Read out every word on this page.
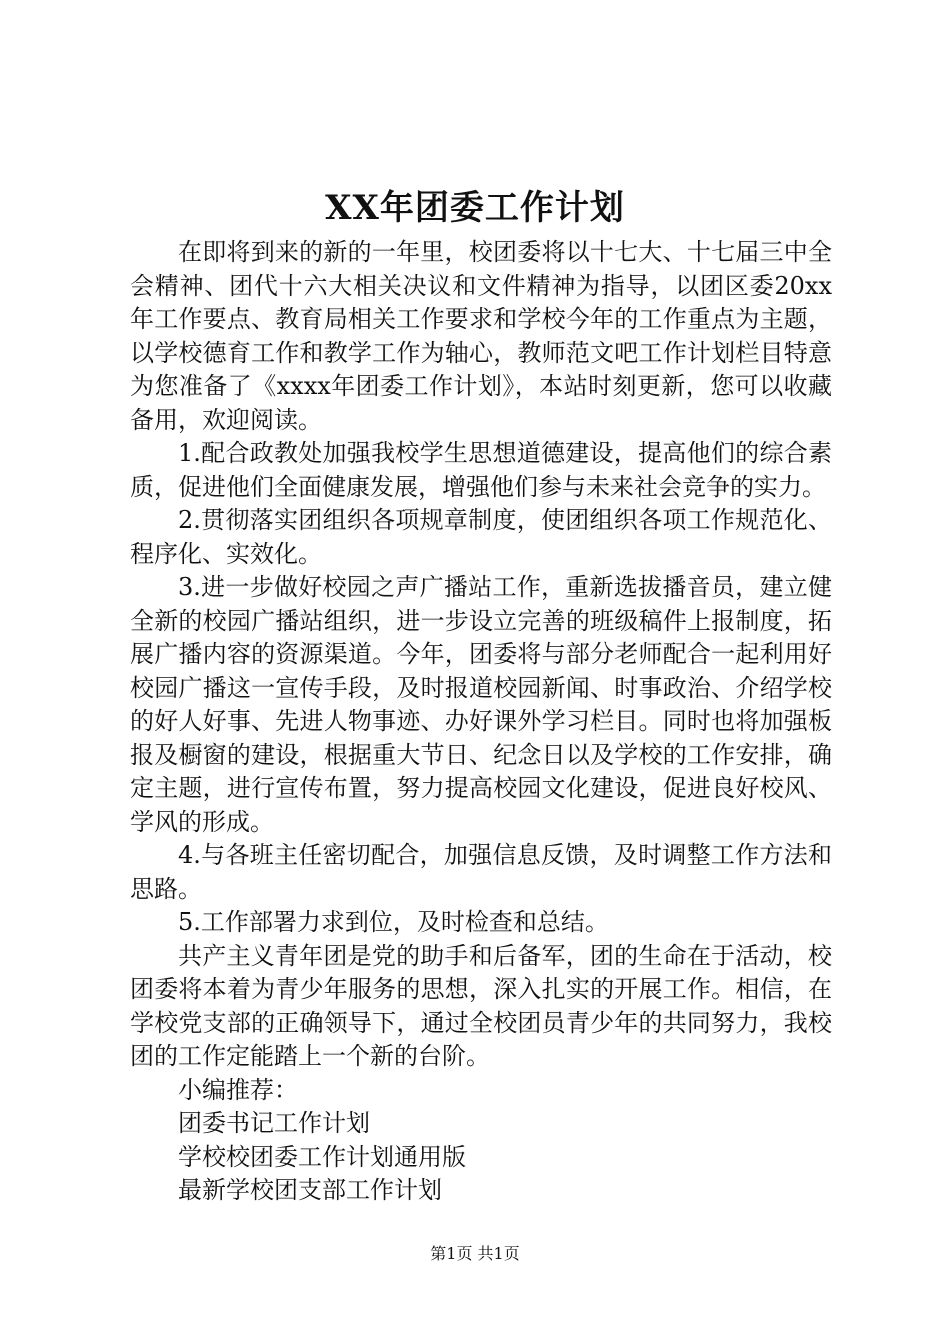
XX年团委工作计划

在即将到来的新的一年里，校团委将以十七大、十七届三中全会精神、团代十六大相关决议和文件精神为指导，以团区委20xx年工作要点、教育局相关工作要求和学校今年的工作重点为主题，以学校德育工作和教学工作为轴心，教师范文吧工作计划栏目特意为您准备了《xxxx年团委工作计划》，本站时刻更新，您可以收藏备用，欢迎阅读。

1.配合政教处加强我校学生思想道德建设，提高他们的综合素质，促进他们全面健康发展，增强他们参与未来社会竞争的实力。

2.贯彻落实团组织各项规章制度，使团组织各项工作规范化、程序化、实效化。

3.进一步做好校园之声广播站工作，重新选拔播音员，建立健全新的校园广播站组织，进一步设立完善的班级稿件上报制度，拓展广播内容的资源渠道。今年，团委将与部分老师配合一起利用好校园广播这一宣传手段，及时报道校园新闻、时事政治、介绍学校的好人好事、先进人物事迹、办好课外学习栏目。同时也将加强板报及橱窗的建设，根据重大节日、纪念日以及学校的工作安排，确定主题，进行宣传布置，努力提高校园文化建设，促进良好校风、学风的形成。

4.与各班主任密切配合，加强信息反馈，及时调整工作方法和思路。

5.工作部署力求到位，及时检查和总结。

共产主义青年团是党的助手和后备军，团的生命在于活动，校团委将本着为青少年服务的思想，深入扎实的开展工作。相信，在学校党支部的正确领导下，通过全校团员青少年的共同努力，我校团的工作定能踏上一个新的台阶。

小编推荐：

团委书记工作计划

学校校团委工作计划通用版

最新学校团支部工作计划

第1页 共1页
